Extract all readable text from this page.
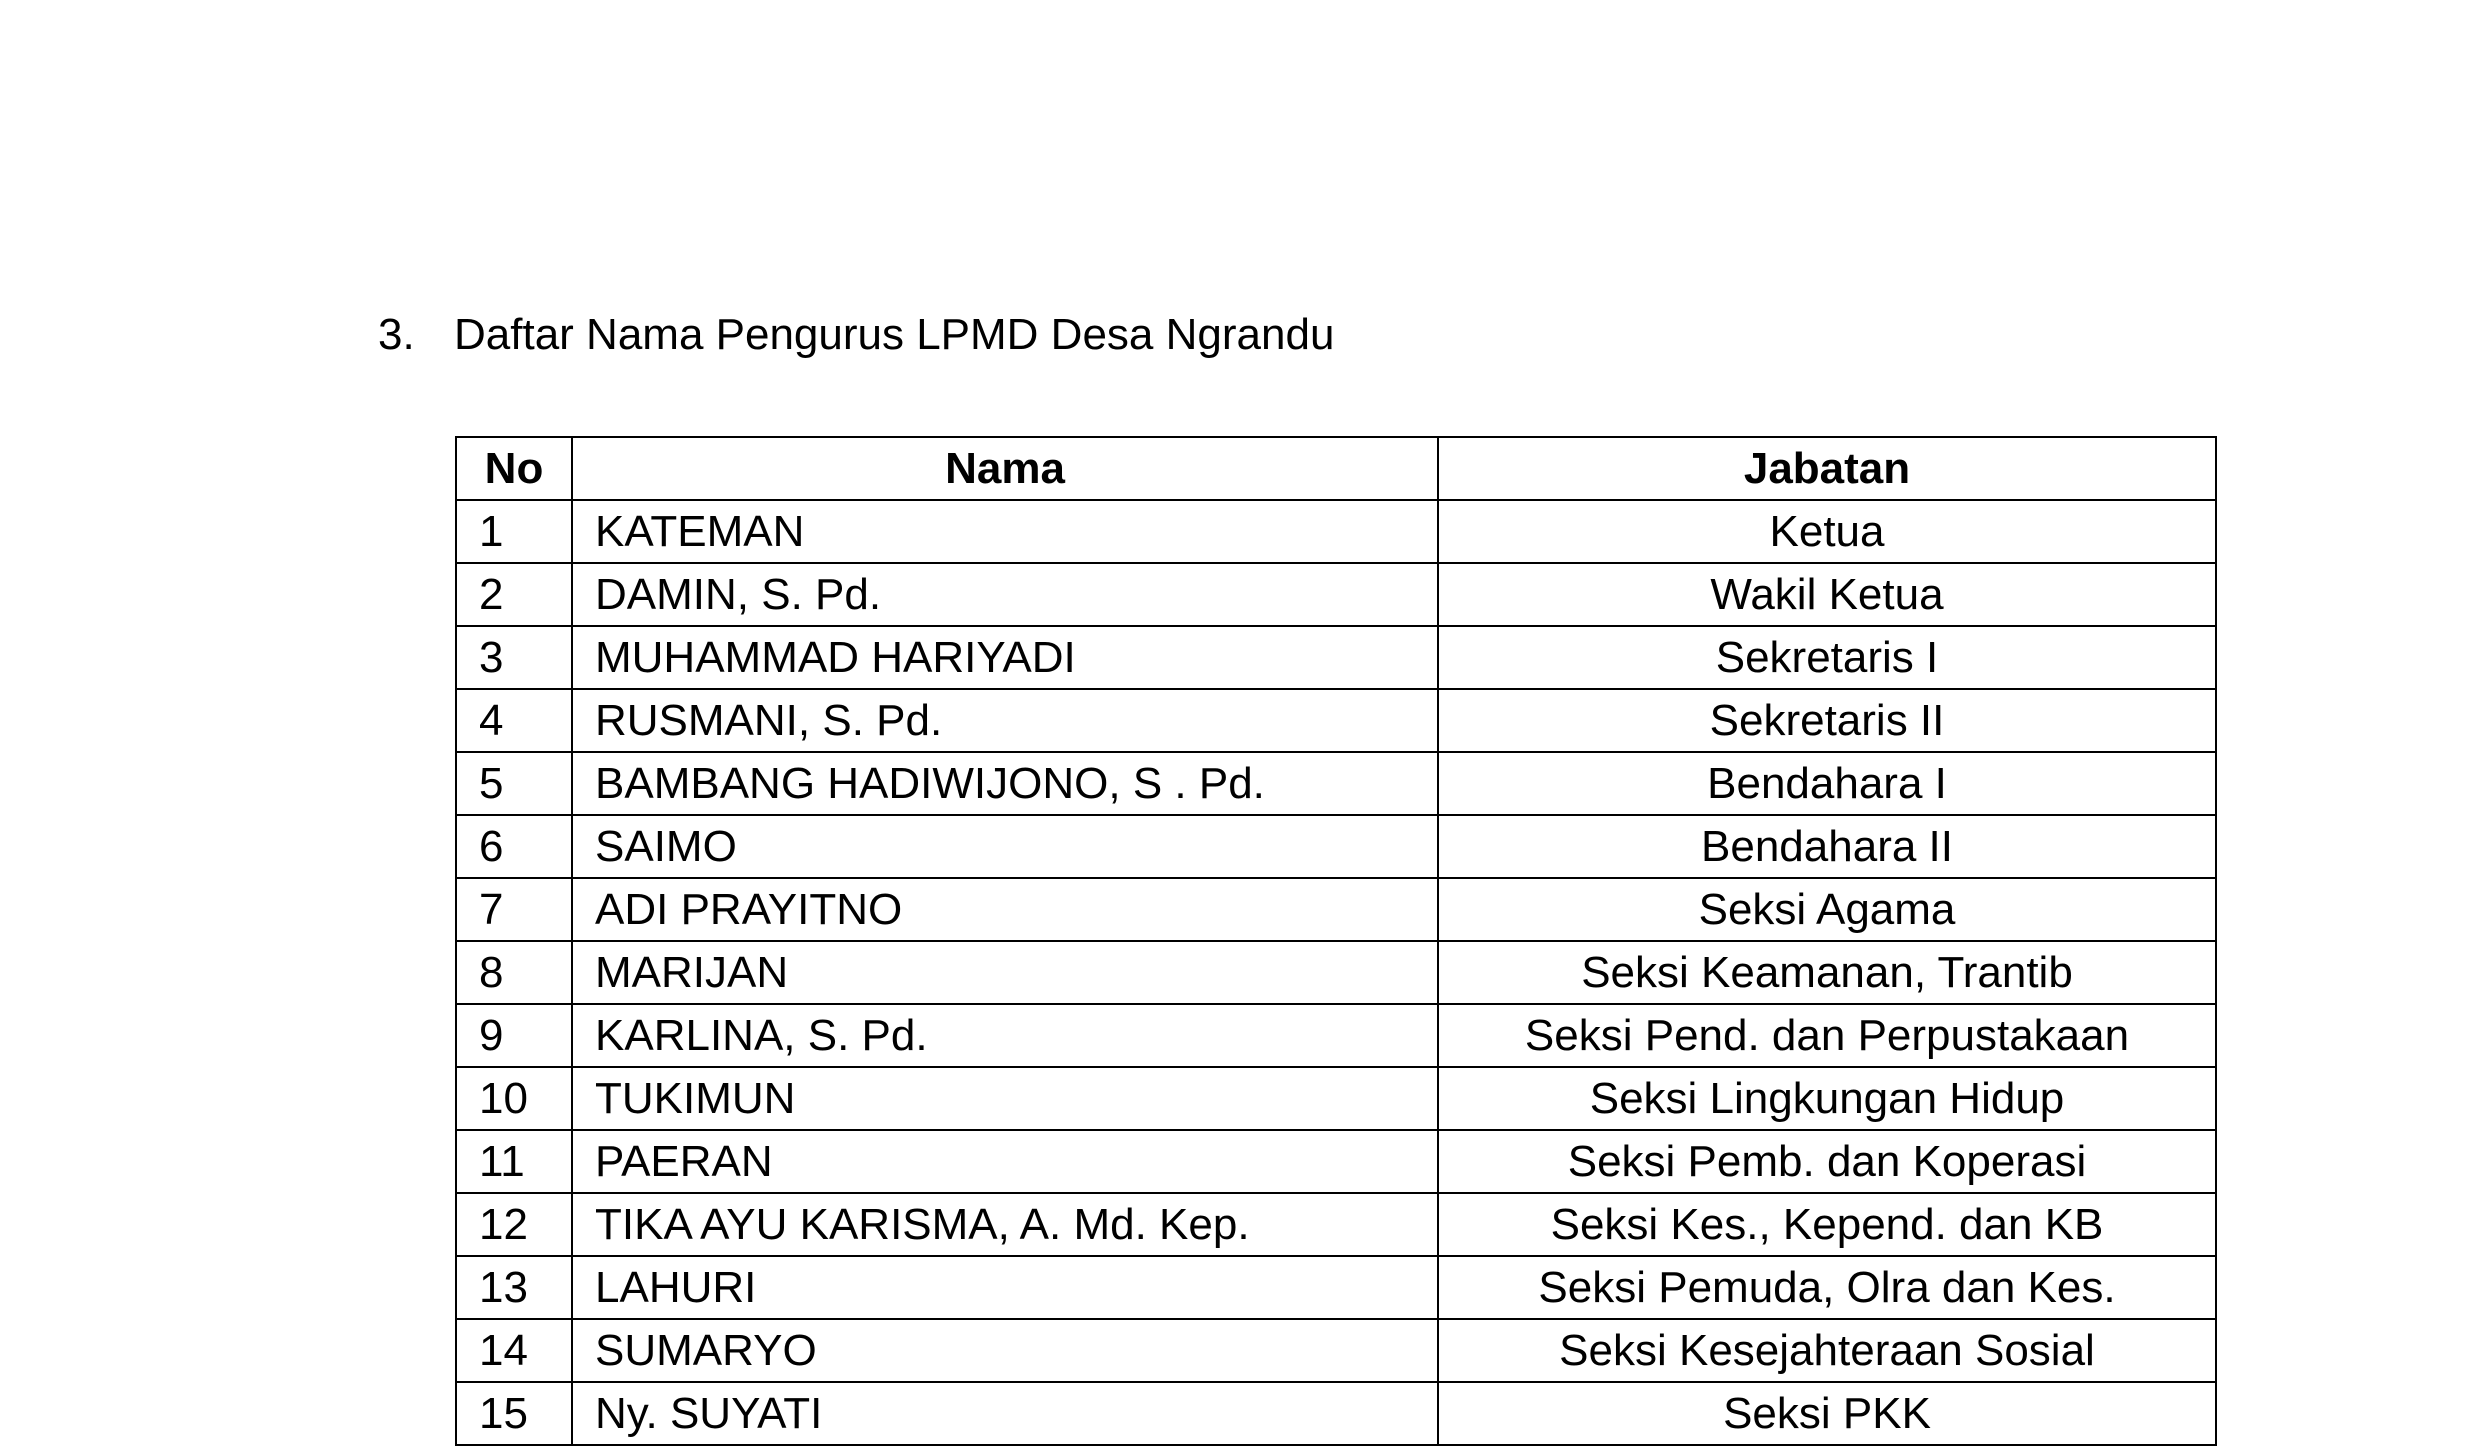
3. Daftar Nama Pengurus LPMD Desa Ngrandu
No	Nama	Jabatan
1	KATEMAN	Ketua
2	DAMIN, S. Pd.	Wakil Ketua
3	MUHAMMAD HARIYADI	Sekretaris I
4	RUSMANI, S. Pd.	Sekretaris II
5	BAMBANG HADIWIJONO, S . Pd.	Bendahara I
6	SAIMO	Bendahara II
7	ADI PRAYITNO	Seksi Agama
8	MARIJAN	Seksi Keamanan, Trantib
9	KARLINA, S. Pd.	Seksi Pend. dan Perpustakaan
10	TUKIMUN	Seksi Lingkungan Hidup
11	PAERAN	Seksi Pemb. dan Koperasi
12	TIKA AYU KARISMA, A. Md. Kep.	Seksi Kes., Kepend. dan KB
13	LAHURI	Seksi Pemuda, Olra dan Kes.
14	SUMARYO	Seksi Kesejahteraan Sosial
15	Ny. SUYATI	Seksi PKK
